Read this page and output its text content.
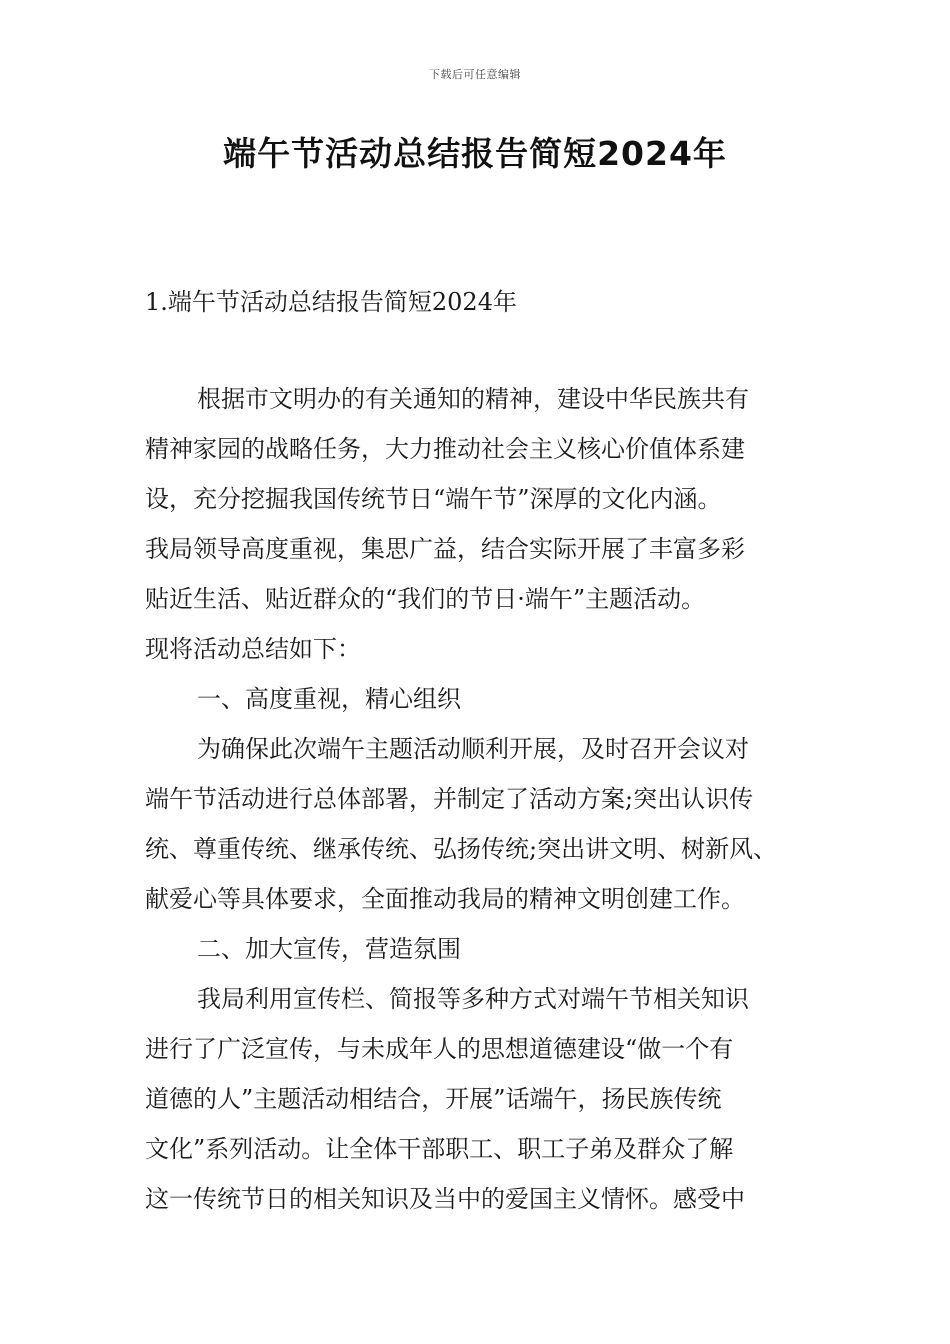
下载后可任意编辑
端午节活动总结报告简短2024年
1.端午节活动总结报告简短2024年
根据市文明办的有关通知的精神，建设中华民族共有
精神家园的战略任务，大力推动社会主义核心价值体系建
设，充分挖掘我国传统节日“端午节”深厚的文化内涵。
我局领导高度重视，集思广益，结合实际开展了丰富多彩
贴近生活、贴近群众的“我们的节日·端午”主题活动。
现将活动总结如下：
一、高度重视，精心组织
为确保此次端午主题活动顺利开展，及时召开会议对
端午节活动进行总体部署，并制定了活动方案;突出认识传
统、尊重传统、继承传统、弘扬传统;突出讲文明、树新风、
献爱心等具体要求，全面推动我局的精神文明创建工作。
二、加大宣传，营造氛围
我局利用宣传栏、简报等多种方式对端午节相关知识
进行了广泛宣传，与未成年人的思想道德建设“做一个有
道德的人”主题活动相结合，开展”话端午，扬民族传统
文化”系列活动。让全体干部职工、职工子弟及群众了解
这一传统节日的相关知识及当中的爱国主义情怀。感受中
